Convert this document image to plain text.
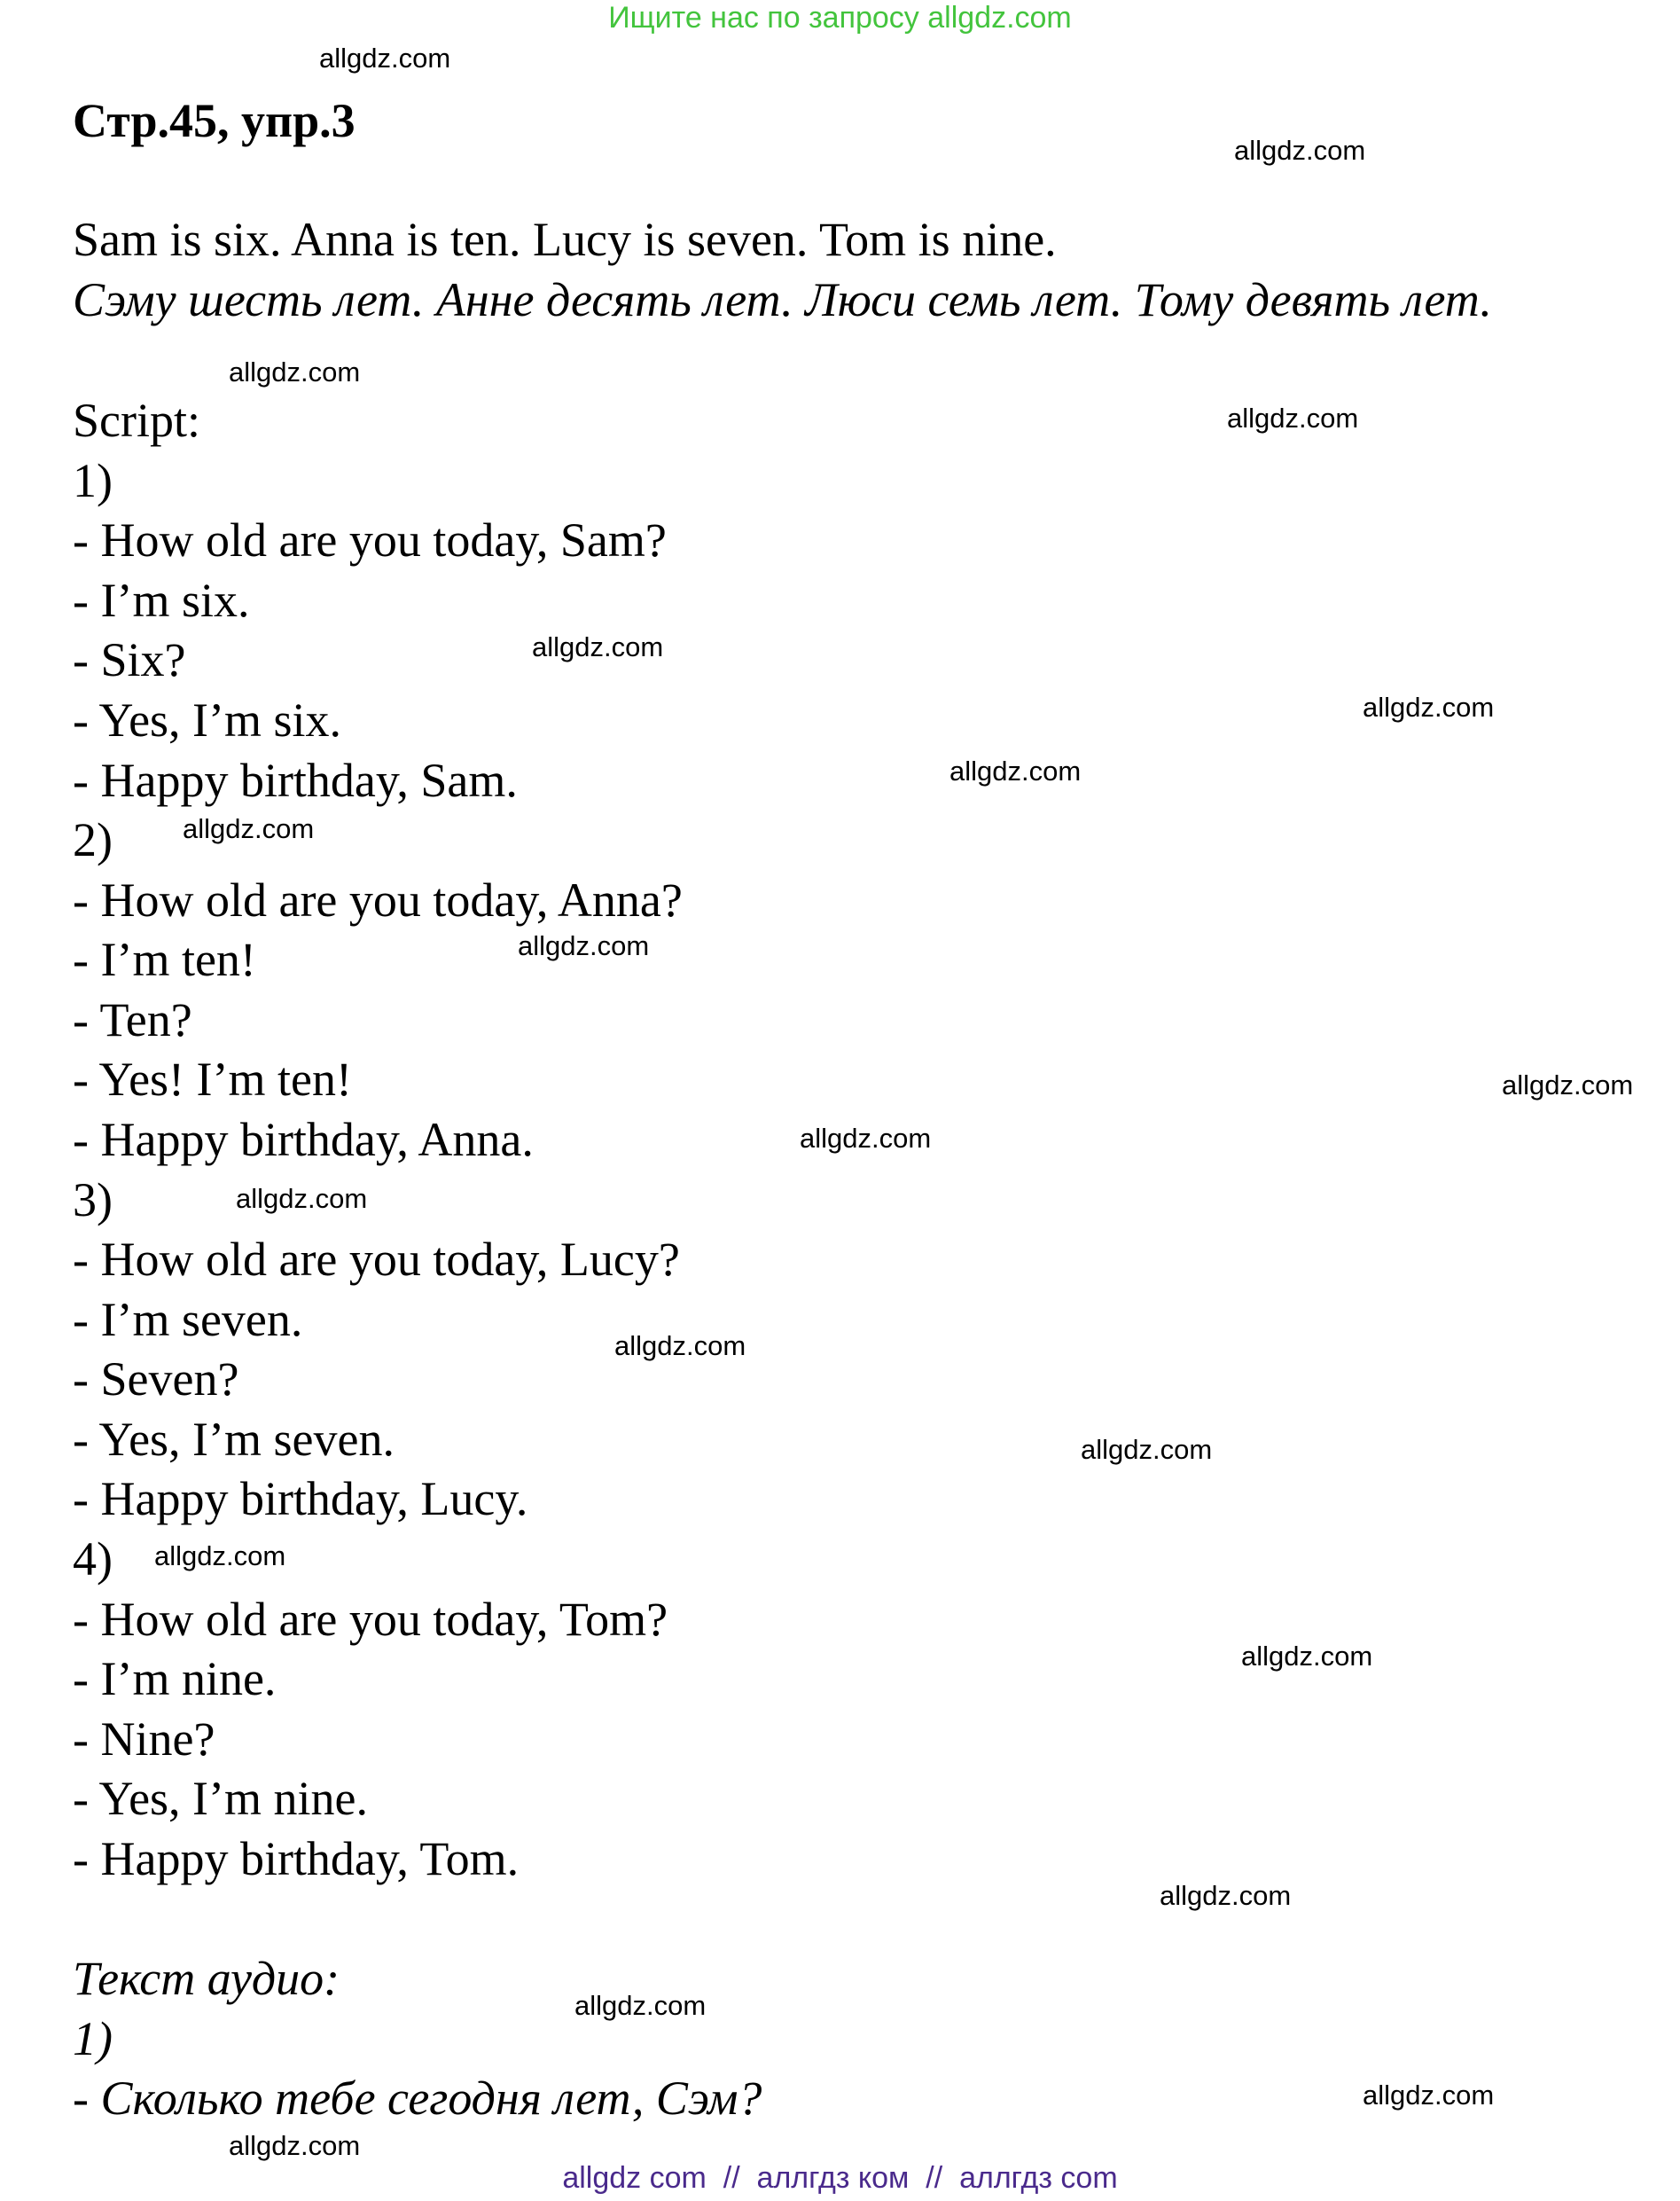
Ищите нас по запросу allgdz.com
Стр.45, упр.3
Sam is six. Anna is ten. Lucy is seven. Tom is nine.
Сэму шесть лет. Анне десять лет. Люси семь лет. Тому девять лет.
Script:
1)
- How old are you today, Sam?
- I’m six.
- Six?
- Yes, I’m six.
- Happy birthday, Sam.
2)
- How old are you today, Anna?
- I’m ten!
- Ten?
- Yes! I’m ten!
- Happy birthday, Anna.
3)
- How old are you today, Lucy?
- I’m seven.
- Seven?
- Yes, I’m seven.
- Happy birthday, Lucy.
4)
- How old are you today, Tom?
- I’m nine.
- Nine?
- Yes, I’m nine.
- Happy birthday, Tom.
Текст аудио:
1)
- Сколько тебе сегодня лет, Сэм?
allgdz.com
allgdz.com
allgdz.com
allgdz.com
allgdz.com
allgdz.com
allgdz.com
allgdz.com
allgdz.com
allgdz.com
allgdz.com
allgdz.com
allgdz.com
allgdz.com
allgdz.com
allgdz.com
allgdz.com
allgdz.com
allgdz.com
allgdz.com
allgdz com  //  аллгдз ком  //  аллгдз com
